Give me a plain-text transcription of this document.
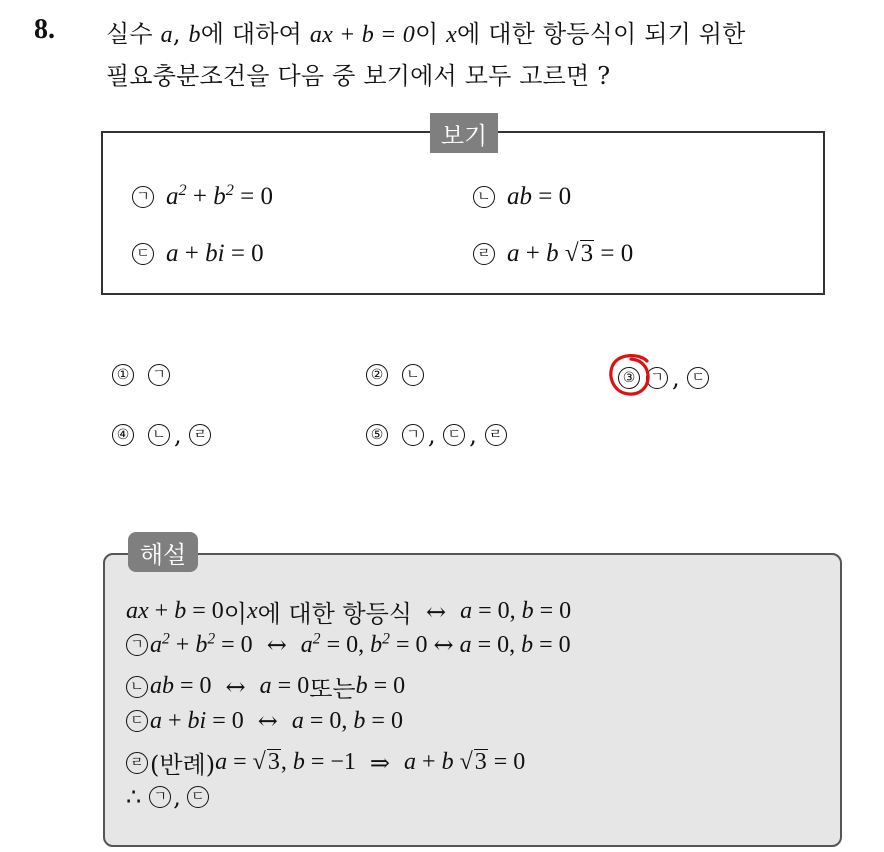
8. 실수 a, b에 대하여 ax + b = 0이 x에 대한 항등식이 되기 위한
필요충분조건을 다음 중 보기에서 모두 고르면 ?
보기
ㄱ $a^2 + b^2 = 0$	ㄴ ab = 0
ㄷ a + bi = 0	ㄹ a + b √3 = 0
①	ㄱ	②	ㄴ	③	ㄱ , ㄷ
④	ㄴ , ㄹ	⑤	ㄱ , ㄷ , ㄹ
해설
ax + b = 0 이 x 에 대한 항등식 ↔ a = 0, b = 0
ㄱ $a^2 + b^2 = 0$ ↔ $a^2 = 0$, $b^2 = 0$ ↔ a = 0, b = 0
ㄴ ab = 0 ↔ a = 0 또는 b = 0
ㄷ a + bi = 0 ↔ a = 0, b = 0
ㄹ (반례) a = √3, b = −1 ⇒ a + b √3 = 0
∴ ㄱ , ㄷ
